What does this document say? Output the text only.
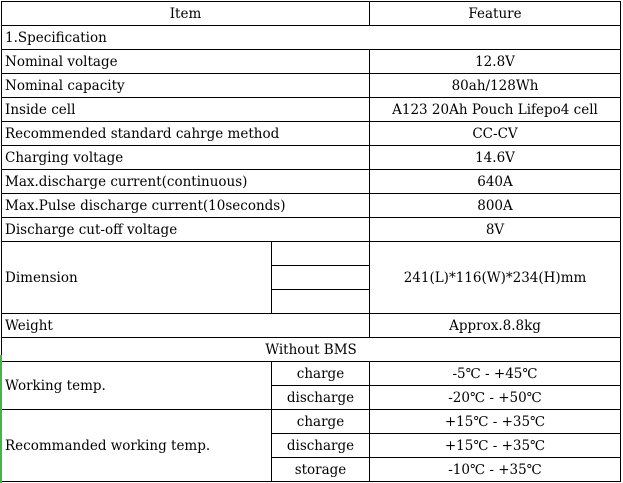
Item		Feature
1.Specification		
Nominal voltage		12.8V
Nominal capacity		80ah/128Wh
Inside cell		A123 20Ah Pouch Lifepo4 cell
Recommended standard cahrge method		CC-CV
Charging voltage		14.6V
Max.discharge current(continuous)		640A
Max.Pulse discharge current(10seconds)		800A
Discharge cut-off voltage		8V
Dimension		241(L)*116(W)*234(H)mm

Weight		Approx.8.8kg
Without BMS		
Working temp.	charge	-5℃ - +45℃
	discharge	-20℃ - +50℃
Recommanded working temp.	charge	+15℃ - +35℃
	discharge	+15℃ - +35℃
	storage	-10℃ - +35℃
